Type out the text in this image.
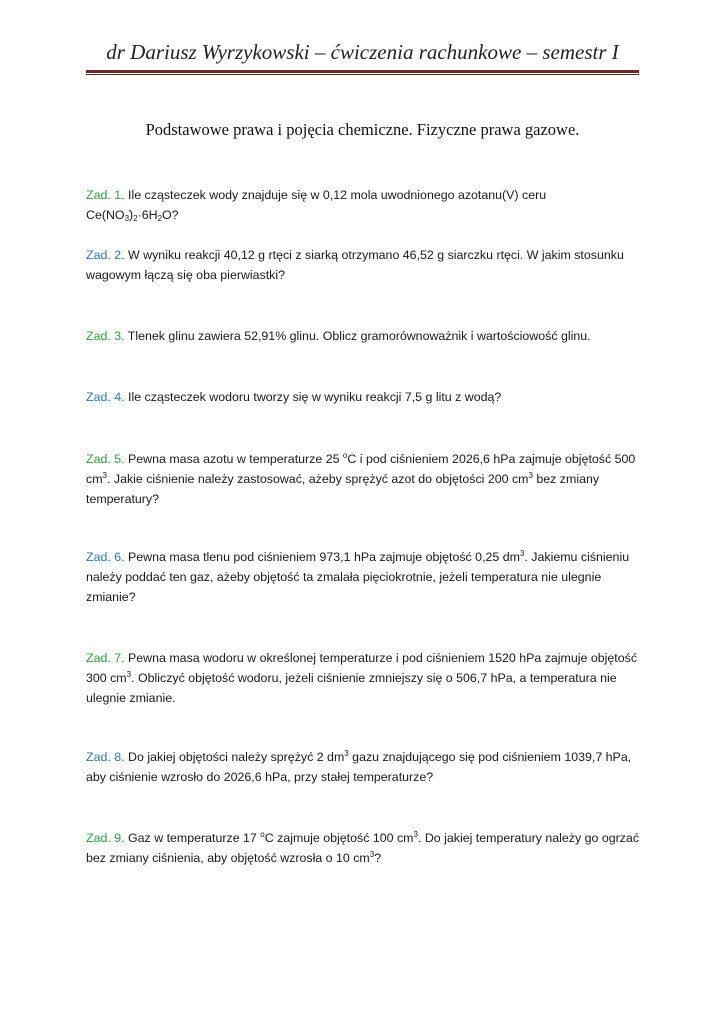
dr Dariusz Wyrzykowski – ćwiczenia rachunkowe – semestr I
Podstawowe prawa i pojęcia chemiczne. Fizyczne prawa gazowe.
Zad. 1. Ile cząsteczek wody znajduje się w 0,12 mola uwodnionego azotanu(V) ceru $Ce(NO_3)_2\cdot 6H_2O$?
Zad. 2. W wyniku reakcji 40,12 g rtęci z siarką otrzymano 46,52 g siarczku rtęci. W jakim stosunku wagowym łączą się oba pierwiastki?
Zad. 3. Tlenek glinu zawiera 52,91% glinu. Oblicz gramorównoważnik i wartościowość glinu.
Zad. 4. Ile cząsteczek wodoru tworzy się w wyniku reakcji 7,5 g litu z wodą?
Zad. 5. Pewna masa azotu w temperaturze 25 $^o$C i pod ciśnieniem 2026,6 hPa zajmuje objętość 500 $cm^3$. Jakie ciśnienie należy zastosować, ażeby sprężyć azot do objętości 200 $cm^3$ bez zmiany temperatury?
Zad. 6. Pewna masa tlenu pod ciśnieniem 973,1 hPa zajmuje objętość 0,25 $dm^3$. Jakiemu ciśnieniu należy poddać ten gaz, ażeby objętość ta zmalała pięciokrotnie, jeżeli temperatura nie ulegnie zmianie?
Zad. 7. Pewna masa wodoru w określonej temperaturze i pod ciśnieniem 1520 hPa zajmuje objętość 300 $cm^3$. Obliczyć objętość wodoru, jeżeli ciśnienie zmniejszy się o 506,7 hPa, a temperatura nie ulegnie zmianie.
Zad. 8. Do jakiej objętości należy sprężyć 2 $dm^3$ gazu znajdującego się pod ciśnieniem 1039,7 hPa, aby ciśnienie wzrosło do 2026,6 hPa, przy stałej temperaturze?
Zad. 9. Gaz w temperaturze 17 $^o$C zajmuje objętość 100 $cm^3$. Do jakiej temperatury należy go ogrzać bez zmiany ciśnienia, aby objętość wzrosła o 10 $cm^3$?
